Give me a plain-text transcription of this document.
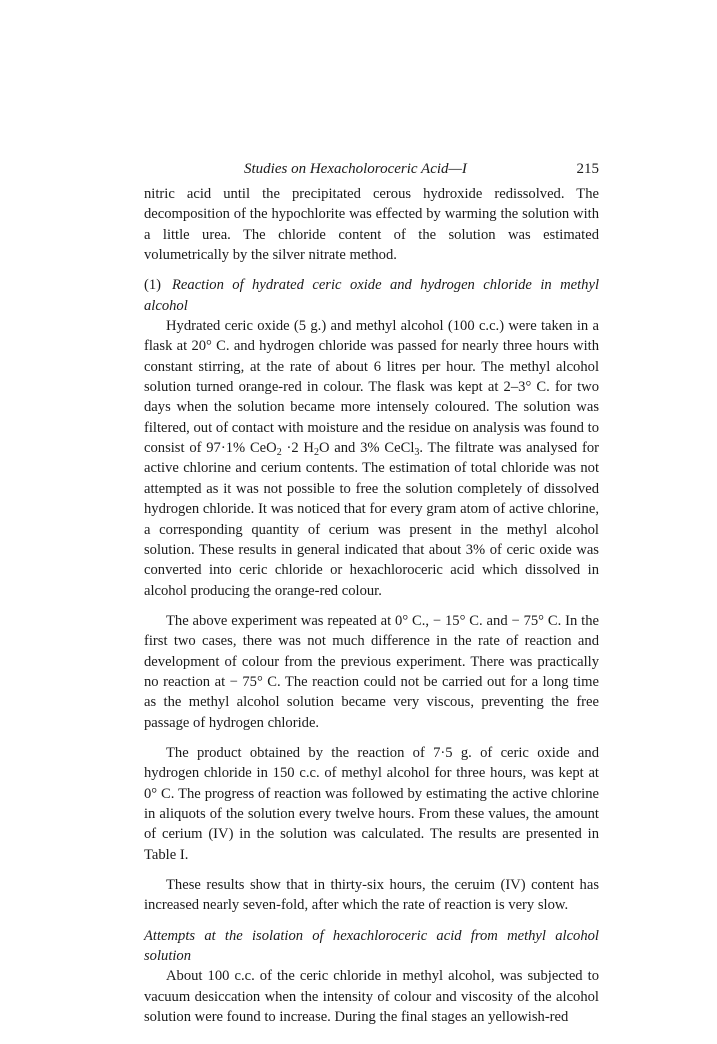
Studies on Hexacholoroceric Acid—I	215

nitric acid until the precipitated cerous hydroxide redissolved. The decomposition of the hypochlorite was effected by warming the solution with a little urea. The chloride content of the solution was estimated volumetrically by the silver nitrate method.

(1) Reaction of hydrated ceric oxide and hydrogen chloride in methyl alcohol

Hydrated ceric oxide (5 g.) and methyl alcohol (100 c.c.) were taken in a flask at 20° C. and hydrogen chloride was passed for nearly three hours with constant stirring, at the rate of about 6 litres per hour. The methyl alcohol solution turned orange-red in colour. The flask was kept at 2–3° C. for two days when the solution became more intensely coloured. The solution was filtered, out of contact with moisture and the residue on analysis was found to consist of 97·1% CeO$_2$ ·2 $H_2O$ and 3% CeCl$_3$. The filtrate was analysed for active chlorine and cerium contents. The estimation of total chloride was not attempted as it was not possible to free the solution completely of dissolved hydrogen chloride. It was noticed that for every gram atom of active chlorine, a corresponding quantity of cerium was present in the methyl alcohol solution. These results in general indicated that about 3% of ceric oxide was converted into ceric chloride or hexachloroceric acid which dissolved in alcohol producing the orange-red colour.

The above experiment was repeated at 0° C., − 15° C. and − 75° C. In the first two cases, there was not much difference in the rate of reaction and development of colour from the previous experiment. There was practically no reaction at − 75° C. The reaction could not be carried out for a long time as the methyl alcohol solution became very viscous, preventing the free passage of hydrogen chloride.

The product obtained by the reaction of 7·5 g. of ceric oxide and hydrogen chloride in 150 c.c. of methyl alcohol for three hours, was kept at 0° C. The progress of reaction was followed by estimating the active chlorine in aliquots of the solution every twelve hours. From these values, the amount of cerium (IV) in the solution was calculated. The results are presented in Table I.

These results show that in thirty-six hours, the ceruim (IV) content has increased nearly seven-fold, after which the rate of reaction is very slow.

Attempts at the isolation of hexachloroceric acid from methyl alcohol solution

About 100 c.c. of the ceric chloride in methyl alcohol, was subjected to vacuum desiccation when the intensity of colour and viscosity of the alcohol solution were found to increase. During the final stages an yellowish-red
